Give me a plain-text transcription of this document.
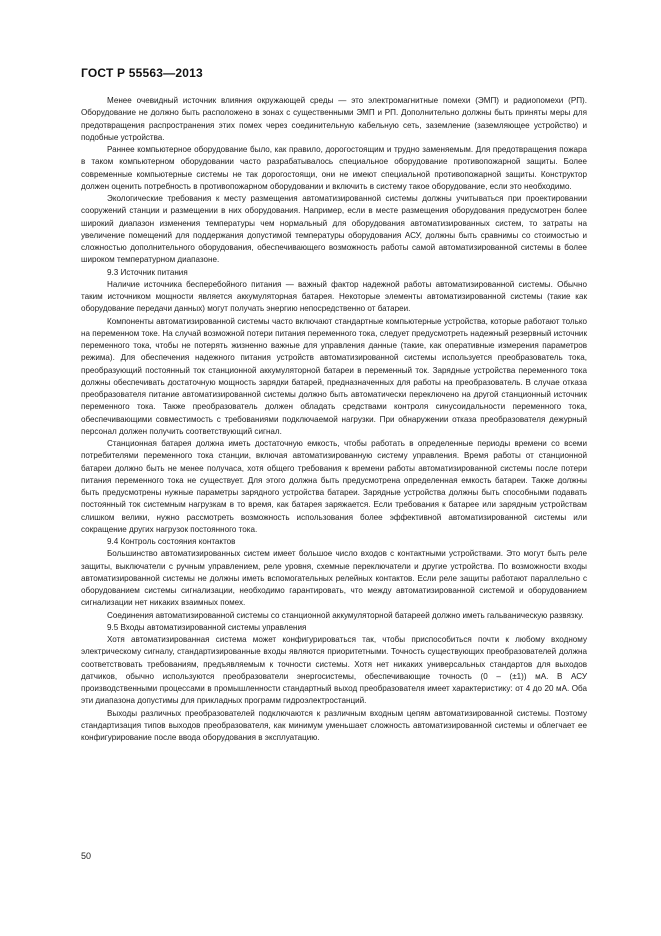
ГОСТ Р 55563—2013

Менее очевидный источник влияния окружающей среды — это электромагнитные помехи (ЭМП) и радиопомехи (РП). Оборудование не должно быть расположено в зонах с существенными ЭМП и РП. Дополнительно должны быть приняты меры для предотвращения распространения этих помех через соединительную кабельную сеть, заземление (заземляющее устройство) и подобные устройства.

Раннее компьютерное оборудование было, как правило, дорогостоящим и трудно заменяемым. Для предотвращения пожара в таком компьютерном оборудовании часто разрабатывалось специальное оборудование противопожарной защиты. Более современные компьютерные системы не так дорогостоящи, они не имеют специальной противопожарной защиты. Конструктор должен оценить потребность в противопожарном оборудовании и включить в систему такое оборудование, если это необходимо.

Экологические требования к месту размещения автоматизированной системы должны учитываться при проектировании сооружений станции и размещении в них оборудования. Например, если в месте размещения оборудования предусмотрен более широкий диапазон изменения температуры чем нормальный для оборудования автоматизированных систем, то затраты на увеличение помещений для поддержания допустимой температуры оборудования АСУ, должны быть сравнимы со стоимостью и сложностью дополнительного оборудования, обеспечивающего возможность работы самой автоматизированной системы в более широком температурном диапазоне.

9.3 Источник питания

Наличие источника бесперебойного питания — важный фактор надежной работы автоматизированной системы. Обычно таким источником мощности является аккумуляторная батарея. Некоторые элементы автоматизированной системы (такие как оборудование передачи данных) могут получать энергию непосредственно от батареи.

Компоненты автоматизированной системы часто включают стандартные компьютерные устройства, которые работают только на переменном токе. На случай возможной потери питания переменного тока, следует предусмотреть надежный резервный источник переменного тока, чтобы не потерять жизненно важные для управления данные (такие, как оперативные измерения параметров режима). Для обеспечения надежного питания устройств автоматизированной системы используется преобразователь тока, преобразующий постоянный ток станционной аккумуляторной батареи в переменный ток. Зарядные устройства переменного тока должны обеспечивать достаточную мощность зарядки батарей, предназначенных для работы на преобразователь. В случае отказа преобразователя питание автоматизированной системы должно быть автоматически переключено на другой станционный источник переменного тока. Также преобразователь должен обладать средствами контроля синусоидальности переменного тока, обеспечивающими совместимость с требованиями подключаемой нагрузки. При обнаружении отказа преобразователя дежурный персонал должен получить соответствующий сигнал.

Станционная батарея должна иметь достаточную емкость, чтобы работать в определенные периоды времени со всеми потребителями переменного тока станции, включая автоматизированную систему управления. Время работы от станционной батареи должно быть не менее получаса, хотя общего требования к времени работы автоматизированной системы после потери питания переменного тока не существует. Для этого должна быть предусмотрена определенная емкость батареи. Также должны быть предусмотрены нужные параметры зарядного устройства батареи. Зарядные устройства должны быть способными подавать постоянный ток системным нагрузкам в то время, как батарея заряжается. Если требования к батарее или зарядным устройствам слишком велики, нужно рассмотреть возможность использования более эффективной автоматизированной системы или сокращение других нагрузок постоянного тока.

9.4 Контроль состояния контактов

Большинство автоматизированных систем имеет большое число входов с контактными устройствами. Это могут быть реле защиты, выключатели с ручным управлением, реле уровня, схемные переключатели и другие устройства. По возможности входы автоматизированной системы не должны иметь вспомогательных релейных контактов. Если реле защиты работают параллельно с оборудованием системы сигнализации, необходимо гарантировать, что между автоматизированной системой и оборудованием сигнализации нет никаких взаимных помех.

Соединения автоматизированной системы со станционной аккумуляторной батареей должно иметь гальваническую развязку.

9.5 Входы автоматизированной системы управления

Хотя автоматизированная система может конфигурироваться так, чтобы приспособиться почти к любому входному электрическому сигналу, стандартизированные входы являются приоритетными. Точность существующих преобразователей должна соответствовать требованиям, предъявляемым к точности системы. Хотя нет никаких универсальных стандартов для выходов датчиков, обычно используются преобразователи энергосистемы, обеспечивающие точность (0 – (±1)) мА. В АСУ производственными процессами в промышленности стандартный выход преобразователя имеет характеристику: от 4 до 20 мА. Оба эти диапазона допустимы для прикладных программ гидроэлектростанций.

Выходы различных преобразователей подключаются к различным входным цепям автоматизированной системы. Поэтому стандартизация типов выходов преобразователя, как минимум уменьшает сложность автоматизированной системы и облегчает ее конфигурирование после ввода оборудования в эксплуатацию.

50
